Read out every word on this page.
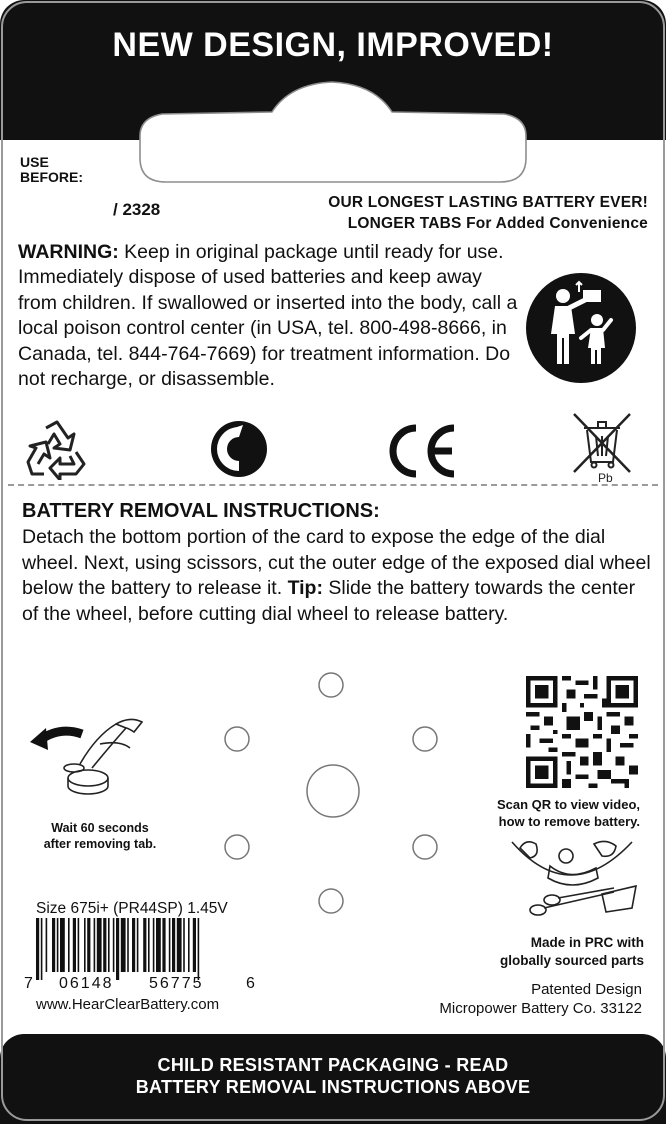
NEW DESIGN, IMPROVED!
USE BEFORE:
/ 2328	OUR LONGEST LASTING BATTERY EVER!
LONGER TABS For Added Convenience
WARNING: Keep in original package until ready for use. Immediately dispose of used batteries and keep away from children. If swallowed or inserted into the body, call a local poison control center (in USA, tel. 800-498-8666, in Canada, tel. 844-764-7669) for treatment information. Do not recharge, or disassemble.
Pb
BATTERY REMOVAL INSTRUCTIONS:
Detach the bottom portion of the card to expose the edge of the dial wheel. Next, using scissors, cut the outer edge of the exposed dial wheel below the battery to release it. Tip: Slide the battery towards the center of the wheel, before cutting dial wheel to release battery.
Wait 60 seconds
after removing tab.
Scan QR to view video,
how to remove battery.
Size 675i+ (PR44SP) 1.45V
7 06148 56775	6
www.HearClearBattery.com
Made in PRC with
globally sourced parts
Patented Design
Micropower Battery Co. 33122
CHILD RESISTANT PACKAGING - READ
BATTERY REMOVAL INSTRUCTIONS ABOVE
